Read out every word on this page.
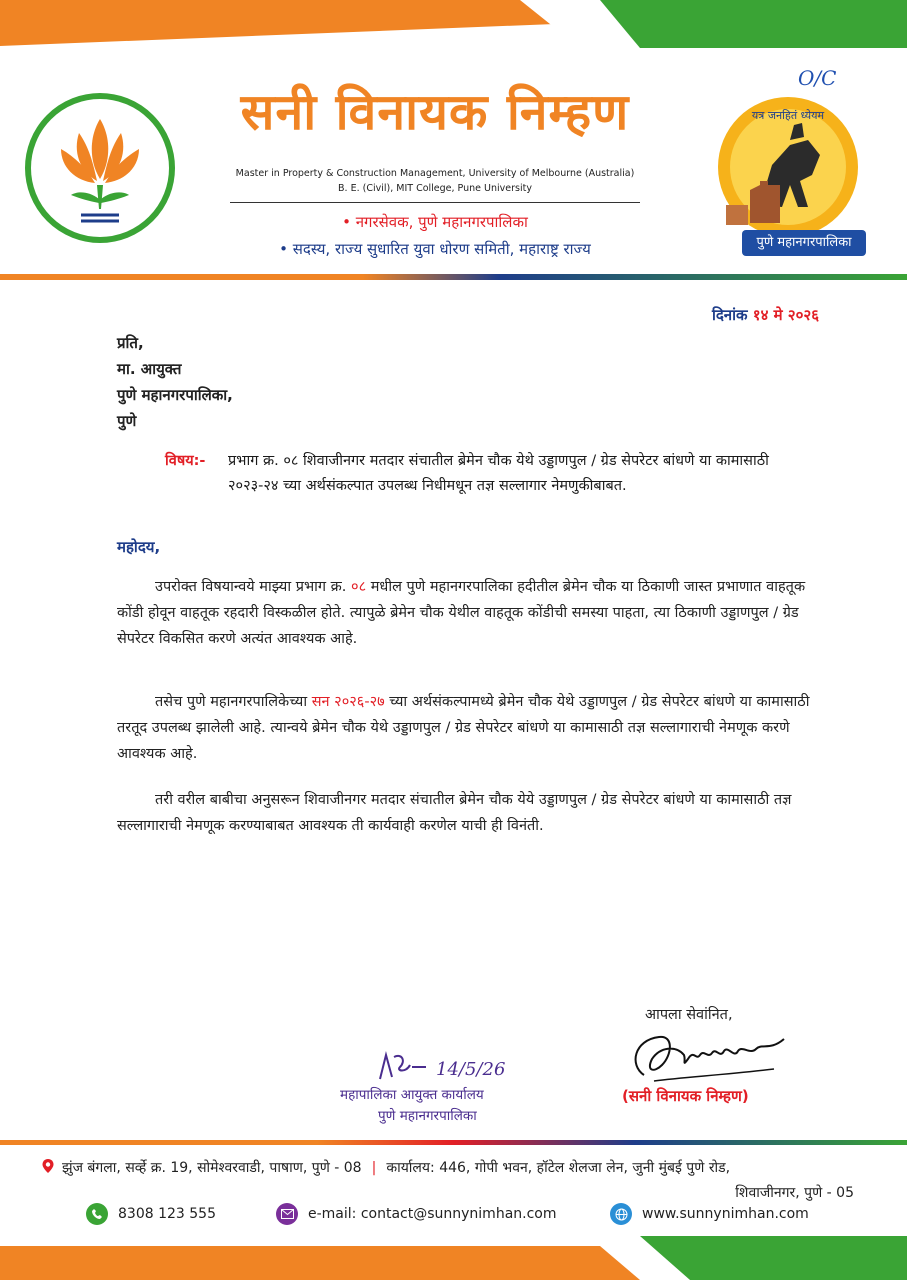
सनी विनायक निम्हण
Master in Property & Construction Management, University of Melbourne (Australia)
B. E. (Civil), MIT College, Pune University
• नगरसेवक, पुणे महानगरपालिका
• सदस्य, राज्य सुधारित युवा धोरण समिती, महाराष्ट्र राज्य
O/C
यत्र जनहितं ध्येयम
पुणे महानगरपालिका
दिनांक १४ मे २०२६
प्रति,
मा. आयुक्त
पुणे महानगरपालिका,
पुणे
विषय:- प्रभाग क्र. ०८ शिवाजीनगर मतदार संचातील ब्रेमेन चौक येथे उड्डाणपुल / ग्रेड सेपरेटर बांधणे या कामासाठी २०२३-२४ च्या अर्थसंकल्पात उपलब्ध निधीमधून तज्ञ सल्लागार नेमणुकीबाबत.
महोदय,
उपरोक्त विषयान्वये माझ्या प्रभाग क्र. ०८ मधील पुणे महानगरपालिका हदीतील ब्रेमेन चौक या ठिकाणी जास्त प्रभाणात वाहतूक कोंडी होवून वाहतूक रहदारी विस्कळील होते. त्यापुळे ब्रेमेन चौक येथील वाहतूक कोंडीची समस्या पाहता, त्या ठिकाणी उड्डाणपुल / ग्रेड सेपरेटर विकसित करणे अत्यंत आवश्यक आहे.
तसेच पुणे महानगरपालिकेच्या सन २०२६-२७ च्या अर्थसंकल्पामध्ये ब्रेमेन चौक येथे उड्डाणपुल / ग्रेड सेपरेटर बांधणे या कामासाठी तरतूद उपलब्ध झालेली आहे. त्यान्वये ब्रेमेन चौक येथे उड्डाणपुल / ग्रेड सेपरेटर बांधणे या कामासाठी तज्ञ सल्लागाराची नेमणूक करणे आवश्यक आहे.
तरी वरील बाबीचा अनुसरून शिवाजीनगर मतदार संचातील ब्रेमेन चौक येये उड्डाणपुल / ग्रेड सेपरेटर बांधणे या कामासाठी तज्ञ सल्लागाराची नेमणूक करण्याबाबत आवश्यक ती कार्यवाही करणेल याची ही विनंती.
आपला सेवांनित,
(सनी विनायक निम्हण)
14/5/26
महापालिका आयुक्त कार्यालय
पुणे महानगरपालिका
झुंज बंगला, सर्व्हे क्र. 19, सोमेश्वरवाडी, पाषाण, पुणे - 08 | कार्यालय: 446, गोपी भवन, हॉटेल शेलजा लेन, जुनी मुंबई पुणे रोड,
शिवाजीनगर, पुणे - 05
8308 123 555	e-mail: contact@sunnynimhan.com	www.sunnynimhan.com
